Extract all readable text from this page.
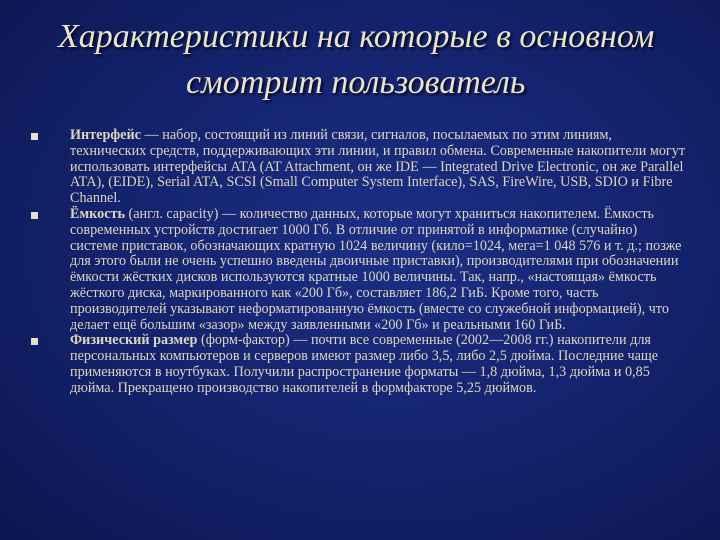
Характеристики на которые в основном
смотрит пользователь
Интерфейс — набор, состоящий из линий связи, сигналов, посылаемых по этим линиям, технических средств, поддерживающих эти линии, и правил обмена. Современные накопители могут использовать интерфейсы ATA (AT Attachment, он же IDE — Integrated Drive Electronic, он же Parallel ATA), (EIDE), Serial ATA, SCSI (Small Computer System Interface), SAS, FireWire, USB, SDIO и Fibre Channel.
Ёмкость (англ. capacity) — количество данных, которые могут храниться накопителем. Ёмкость современных устройств достигает 1000 Гб. В отличие от принятой в информатике (случайно) системе приставок, обозначающих кратную 1024 величину (кило=1024, мега=1 048 576 и т. д.; позже для этого были не очень успешно введены двоичные приставки), производителями при обозначении ёмкости жёстких дисков используются кратные 1000 величины. Так, напр., «настоящая» ёмкость жёсткого диска, маркированного как «200 Гб», составляет 186,2 ГиБ. Кроме того, часть производителей указывают неформатированную ёмкость (вместе со служебной информацией), что делает ещё большим «зазор» между заявленными «200 Гб» и реальными 160 ГиБ.
Физический размер (форм-фактор) — почти все современные (2002—2008 гг.) накопители для персональных компьютеров и серверов имеют размер либо 3,5, либо 2,5 дюйма. Последние чаще применяются в ноутбуках. Получили распространение форматы — 1,8 дюйма, 1,3 дюйма и 0,85 дюйма. Прекращено производство накопителей в формфакторе 5,25 дюймов.
